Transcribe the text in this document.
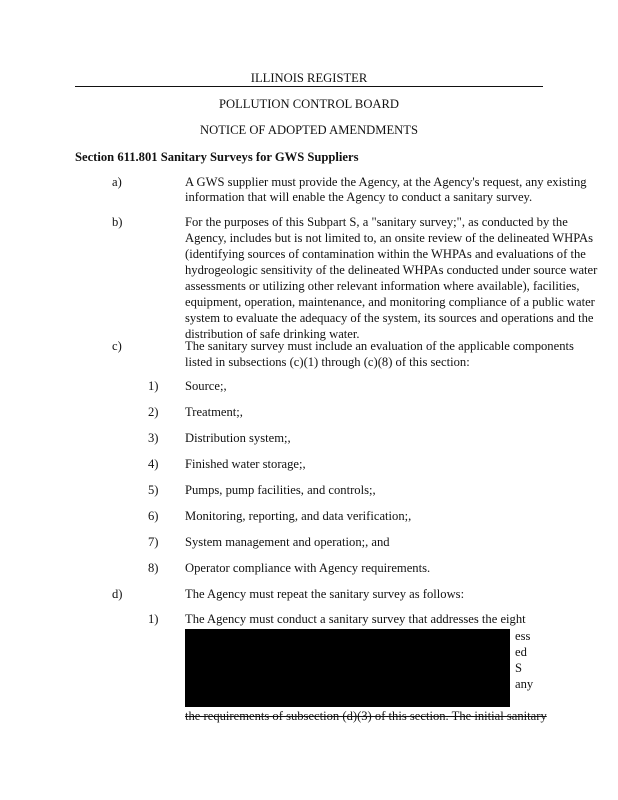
ILLINOIS REGISTER
POLLUTION CONTROL BOARD
NOTICE OF ADOPTED AMENDMENTS
Section 611.801 Sanitary Surveys for GWS Suppliers
a)	A GWS supplier must provide the Agency, at the Agency's request, any existing
information that will enable the Agency to conduct a sanitary survey.
b)	For the purposes of this Subpart S, a "sanitary survey;", as conducted by the
Agency, includes but is not limited to, an onsite review of the delineated WHPAs
(identifying sources of contamination within the WHPAs and evaluations of the
hydrogeologic sensitivity of the delineated WHPAs conducted under source water
assessments or utilizing other relevant information where available), facilities,
equipment, operation, maintenance, and monitoring compliance of a public water
system to evaluate the adequacy of the system, its sources and operations and the
distribution of safe drinking water.
c)	The sanitary survey must include an evaluation of the applicable components
listed in subsections (c)(1) through (c)(8) of this section:
1) Source;,
2) Treatment;,
3) Distribution system;,
4) Finished water storage;,
5) Pumps, pump facilities, and controls;,
6) Monitoring, reporting, and data verification;,
7) System management and operation;, and
8) Operator compliance with Agency requirements.
d)	The Agency must repeat the sanitary survey as follows:
1) The Agency must conduct a sanitary survey that addresses the eight
ess
ed
S
any
the requirements of subsection (d)(3) of this section. The initial sanitary
